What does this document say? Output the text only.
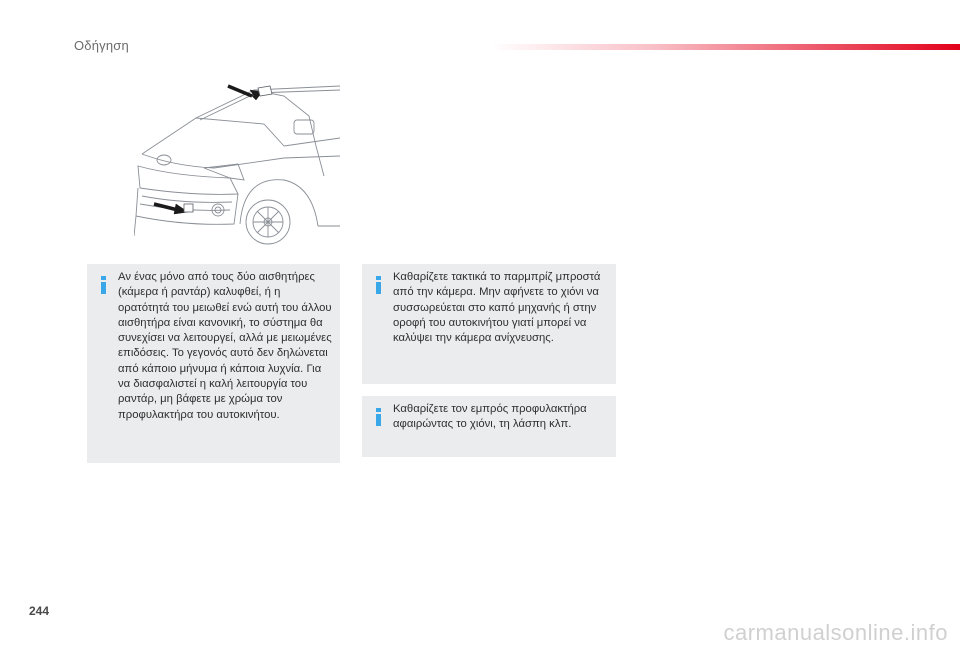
Οδήγηση

Αν ένας μόνο από τους δύο αισθητήρες (κάμερα ή ραντάρ) καλυφθεί, ή η ορατότητά του μειωθεί ενώ αυτή του άλλου αισθητήρα είναι κανονική, το σύστημα θα συνεχίσει να λειτουργεί, αλλά με μειωμένες επιδόσεις. Το γεγονός αυτό δεν δηλώνεται από κάποιο μήνυμα ή κάποια λυχνία. Για να διασφαλιστεί η καλή λειτουργία του ραντάρ, μη βάφετε με χρώμα τον προφυλακτήρα του αυτοκινήτου.

Καθαρίζετε τακτικά το παρμπρίζ μπροστά από την κάμερα. Μην αφήνετε το χιόνι να συσσωρεύεται στο καπό μηχανής ή στην οροφή του αυτοκινήτου γιατί μπορεί να καλύψει την κάμερα ανίχνευσης.

Καθαρίζετε τον εμπρός προφυλακτήρα αφαιρώντας το χιόνι, τη λάσπη κλπ.

244
carmanualsonline.info
